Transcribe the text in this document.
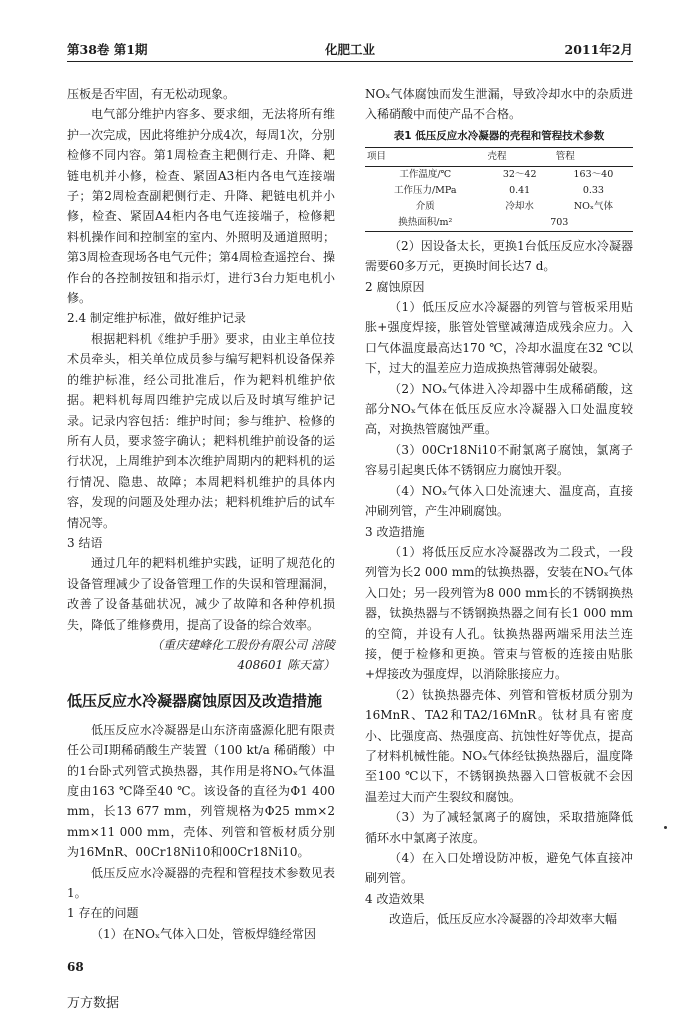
第38卷 第1期	化肥工业	2011年2月

压板是否牢固，有无松动现象。

电气部分维护内容多、要求细，无法将所有维护一次完成，因此将维护分成4次，每周1次，分别检修不同内容。第1周检查主耙侧行走、升降、耙链电机并小修，检查、紧固A3柜内各电气连接端子；第2周检查副耙侧行走、升降、耙链电机并小修，检查、紧固A4柜内各电气连接端子，检修耙料机操作间和控制室的室内、外照明及通道照明；第3周检查现场各电气元件；第4周检查遥控台、操作台的各控制按钮和指示灯，进行3台力矩电机小修。

2.4 制定维护标准，做好维护记录

根据耙料机《维护手册》要求，由业主单位技术员牵头，相关单位成员参与编写耙料机设备保养的维护标准，经公司批准后，作为耙料机维护依据。耙料机每周四维护完成以后及时填写维护记录。记录内容包括：维护时间；参与维护、检修的所有人员，要求签字确认；耙料机维护前设备的运行状况，上周维护到本次维护周期内的耙料机的运行情况、隐患、故障；本周耙料机维护的具体内容，发现的问题及处理办法；耙料机维护后的试车情况等。

3 结语

通过几年的耙料机维护实践，证明了规范化的设备管理减少了设备管理工作的失误和管理漏洞，改善了设备基础状况，减少了故障和各种停机损失，降低了维修费用，提高了设备的综合效率。

（重庆建峰化工股份有限公司 涪陵

408601 陈天富）

低压反应水冷凝器腐蚀原因及改造措施

低压反应水冷凝器是山东济南盛源化肥有限责任公司Ⅰ期稀硝酸生产装置（100 kt/a 稀硝酸）中的1台卧式列管式换热器，其作用是将NOₓ气体温度由163 ℃降至40 ℃。该设备的直径为Φ1 400 mm，长13 677 mm，列管规格为Φ25 mm×2 mm×11 000 mm，壳体、列管和管板材质分别为16MnR、00Cr18Ni10和00Cr18Ni10。

低压反应水冷凝器的壳程和管程技术参数见表1。

1 存在的问题

（1）在NOₓ气体入口处，管板焊缝经常因

NOₓ气体腐蚀而发生泄漏，导致冷却水中的杂质进入稀硝酸中而使产品不合格。

表1 低压反应水冷凝器的壳程和管程技术参数
项目	壳程	管程
工作温度/℃	32～42	163～40
工作压力/MPa	0.41	0.33
介质	冷却水	NOₓ气体
换热面积/m²	703	

（2）因设备太长，更换1台低压反应水冷凝器需要60多万元，更换时间长达7 d。

2 腐蚀原因

（1）低压反应水冷凝器的列管与管板采用贴胀+强度焊接，胀管处管壁减薄造成残余应力。入口气体温度最高达170 ℃，冷却水温度在32 ℃以下，过大的温差应力造成换热管薄弱处破裂。

（2）NOₓ气体进入冷却器中生成稀硝酸，这部分NOₓ气体在低压反应水冷凝器入口处温度较高，对换热管腐蚀严重。

（3）00Cr18Ni10不耐氯离子腐蚀，氯离子容易引起奥氏体不锈钢应力腐蚀开裂。

（4）NOₓ气体入口处流速大、温度高，直接冲刷列管，产生冲刷腐蚀。

3 改造措施

（1）将低压反应水冷凝器改为二段式，一段列管为长2 000 mm的钛换热器，安装在NOₓ气体入口处；另一段列管为8 000 mm长的不锈钢换热器，钛换热器与不锈钢换热器之间有长1 000 mm的空简，并设有人孔。钛换热器两端采用法兰连接，便于检修和更换。管束与管板的连接由贴胀+焊接改为强度焊，以消除胀接应力。

（2）钛换热器壳体、列管和管板材质分别为16MnR、TA2和TA2/16MnR。钛材具有密度小、比强度高、热强度高、抗蚀性好等优点，提高了材料机械性能。NOₓ气体经钛换热器后，温度降至100 ℃以下，不锈钢换热器入口管板就不会因温差过大而产生裂纹和腐蚀。

（3）为了减轻氯离子的腐蚀，采取措施降低循环水中氯离子浓度。

（4）在入口处增设防冲板，避免气体直接冲刷列管。

4 改造效果

改造后，低压反应水冷凝器的冷却效率大幅

68
万方数据
